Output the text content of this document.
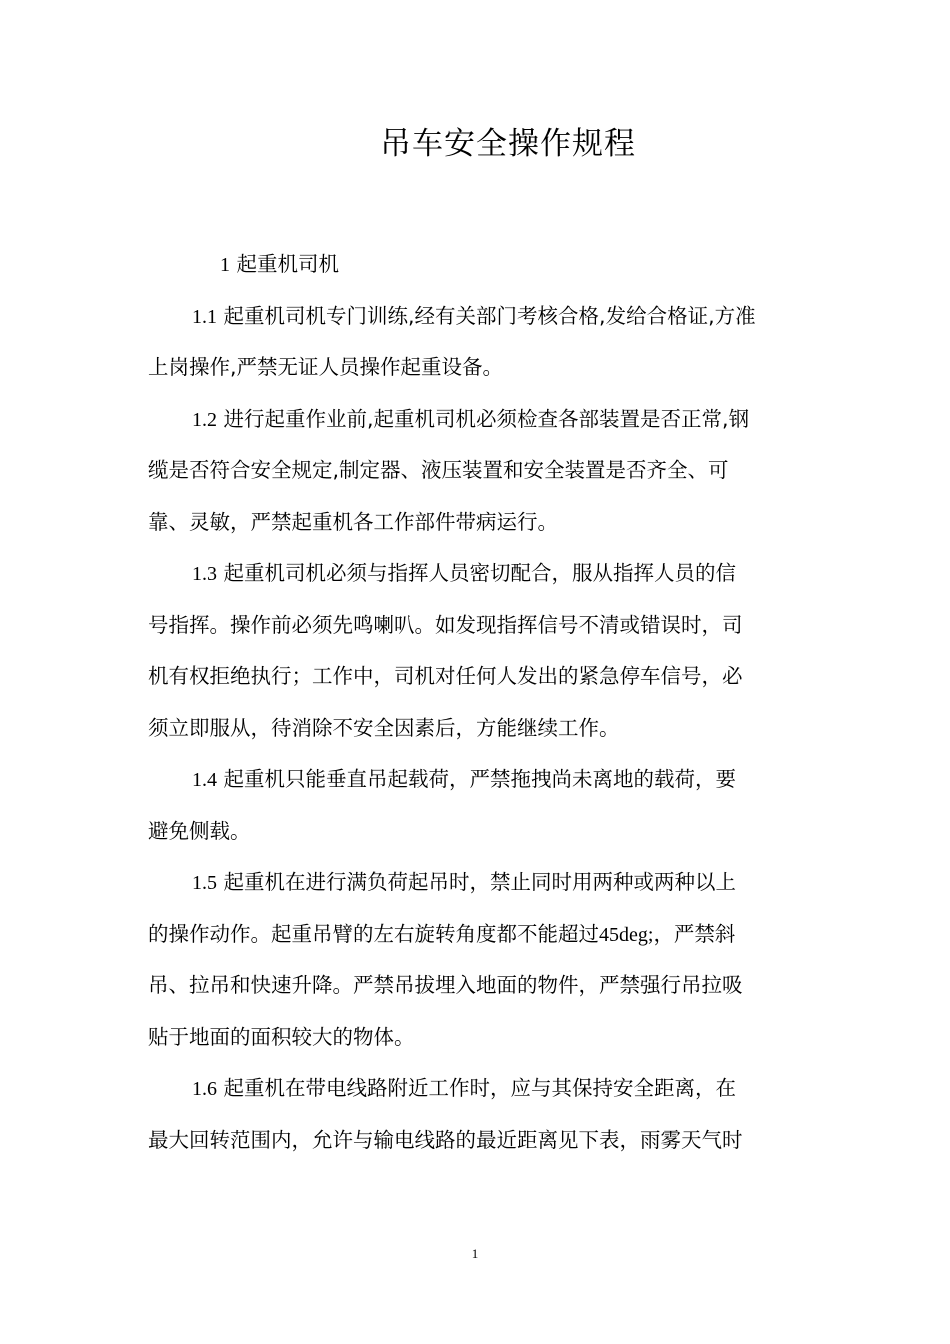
吊车安全操作规程
1 起重机司机
1.1 起重机司机专门训练,经有关部门考核合格,发给合格证,方准
上岗操作,严禁无证人员操作起重设备。
1.2 进行起重作业前,起重机司机必须检查各部装置是否正常,钢
缆是否符合安全规定,制定器、液压装置和安全装置是否齐全、可
靠、灵敏，严禁起重机各工作部件带病运行。
1.3 起重机司机必须与指挥人员密切配合，服从指挥人员的信
号指挥。操作前必须先鸣喇叭。如发现指挥信号不清或错误时，司
机有权拒绝执行；工作中，司机对任何人发出的紧急停车信号，必
须立即服从，待消除不安全因素后，方能继续工作。
1.4 起重机只能垂直吊起载荷，严禁拖拽尚未离地的载荷，要
避免侧载。
1.5 起重机在进行满负荷起吊时，禁止同时用两种或两种以上
的操作动作。起重吊臂的左右旋转角度都不能超过45deg;，严禁斜
吊、拉吊和快速升降。严禁吊拔埋入地面的物件，严禁强行吊拉吸
贴于地面的面积较大的物体。
1.6 起重机在带电线路附近工作时，应与其保持安全距离，在
最大回转范围内，允许与输电线路的最近距离见下表，雨雾天气时
1
